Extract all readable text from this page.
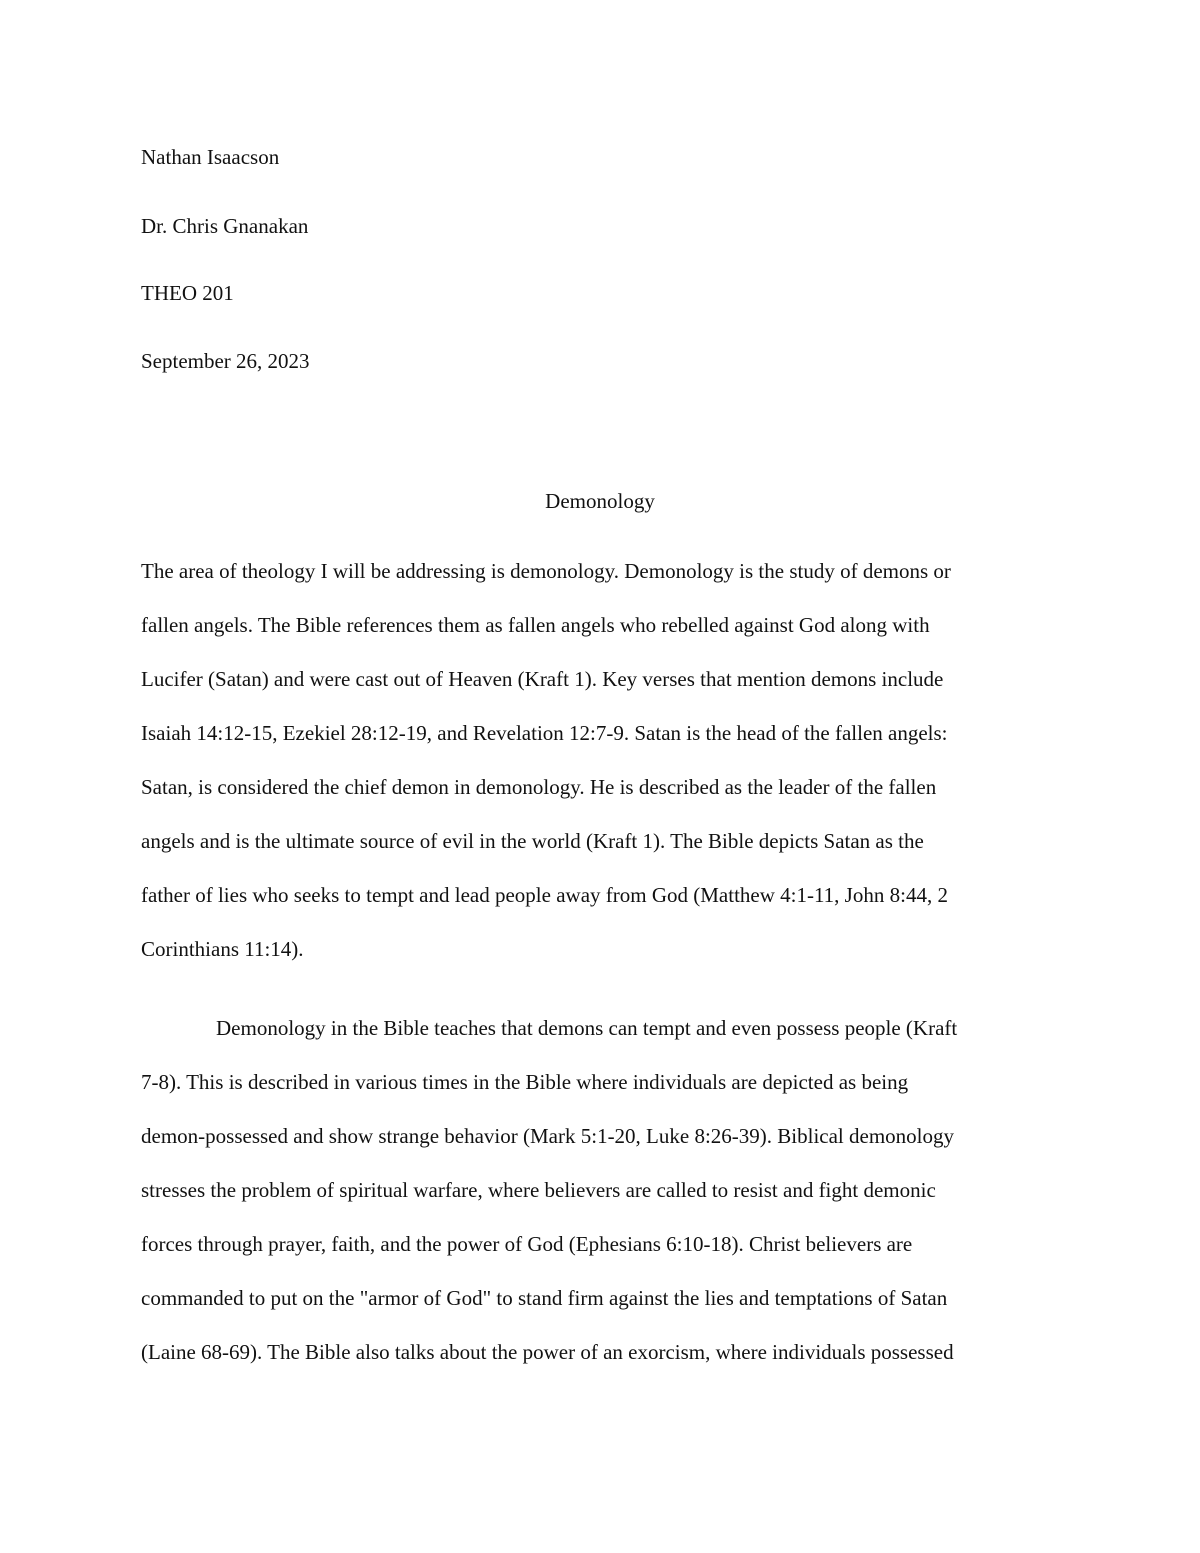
Nathan Isaacson
Dr. Chris Gnanakan
THEO 201
September 26, 2023
Demonology
The area of theology I will be addressing is demonology. Demonology is the study of demons or
fallen angels. The Bible references them as fallen angels who rebelled against God along with
Lucifer (Satan) and were cast out of Heaven (Kraft 1). Key verses that mention demons include
Isaiah 14:12-15, Ezekiel 28:12-19, and Revelation 12:7-9. Satan is the head of the fallen angels:
Satan, is considered the chief demon in demonology. He is described as the leader of the fallen
angels and is the ultimate source of evil in the world (Kraft 1). The Bible depicts Satan as the
father of lies who seeks to tempt and lead people away from God (Matthew 4:1-11, John 8:44, 2
Corinthians 11:14).
Demonology in the Bible teaches that demons can tempt and even possess people (Kraft
7-8). This is described in various times in the Bible where individuals are depicted as being
demon-possessed and show strange behavior (Mark 5:1-20, Luke 8:26-39). Biblical demonology
stresses the problem of spiritual warfare, where believers are called to resist and fight demonic
forces through prayer, faith, and the power of God (Ephesians 6:10-18). Christ believers are
commanded to put on the "armor of God" to stand firm against the lies and temptations of Satan
(Laine 68-69). The Bible also talks about the power of an exorcism, where individuals possessed
